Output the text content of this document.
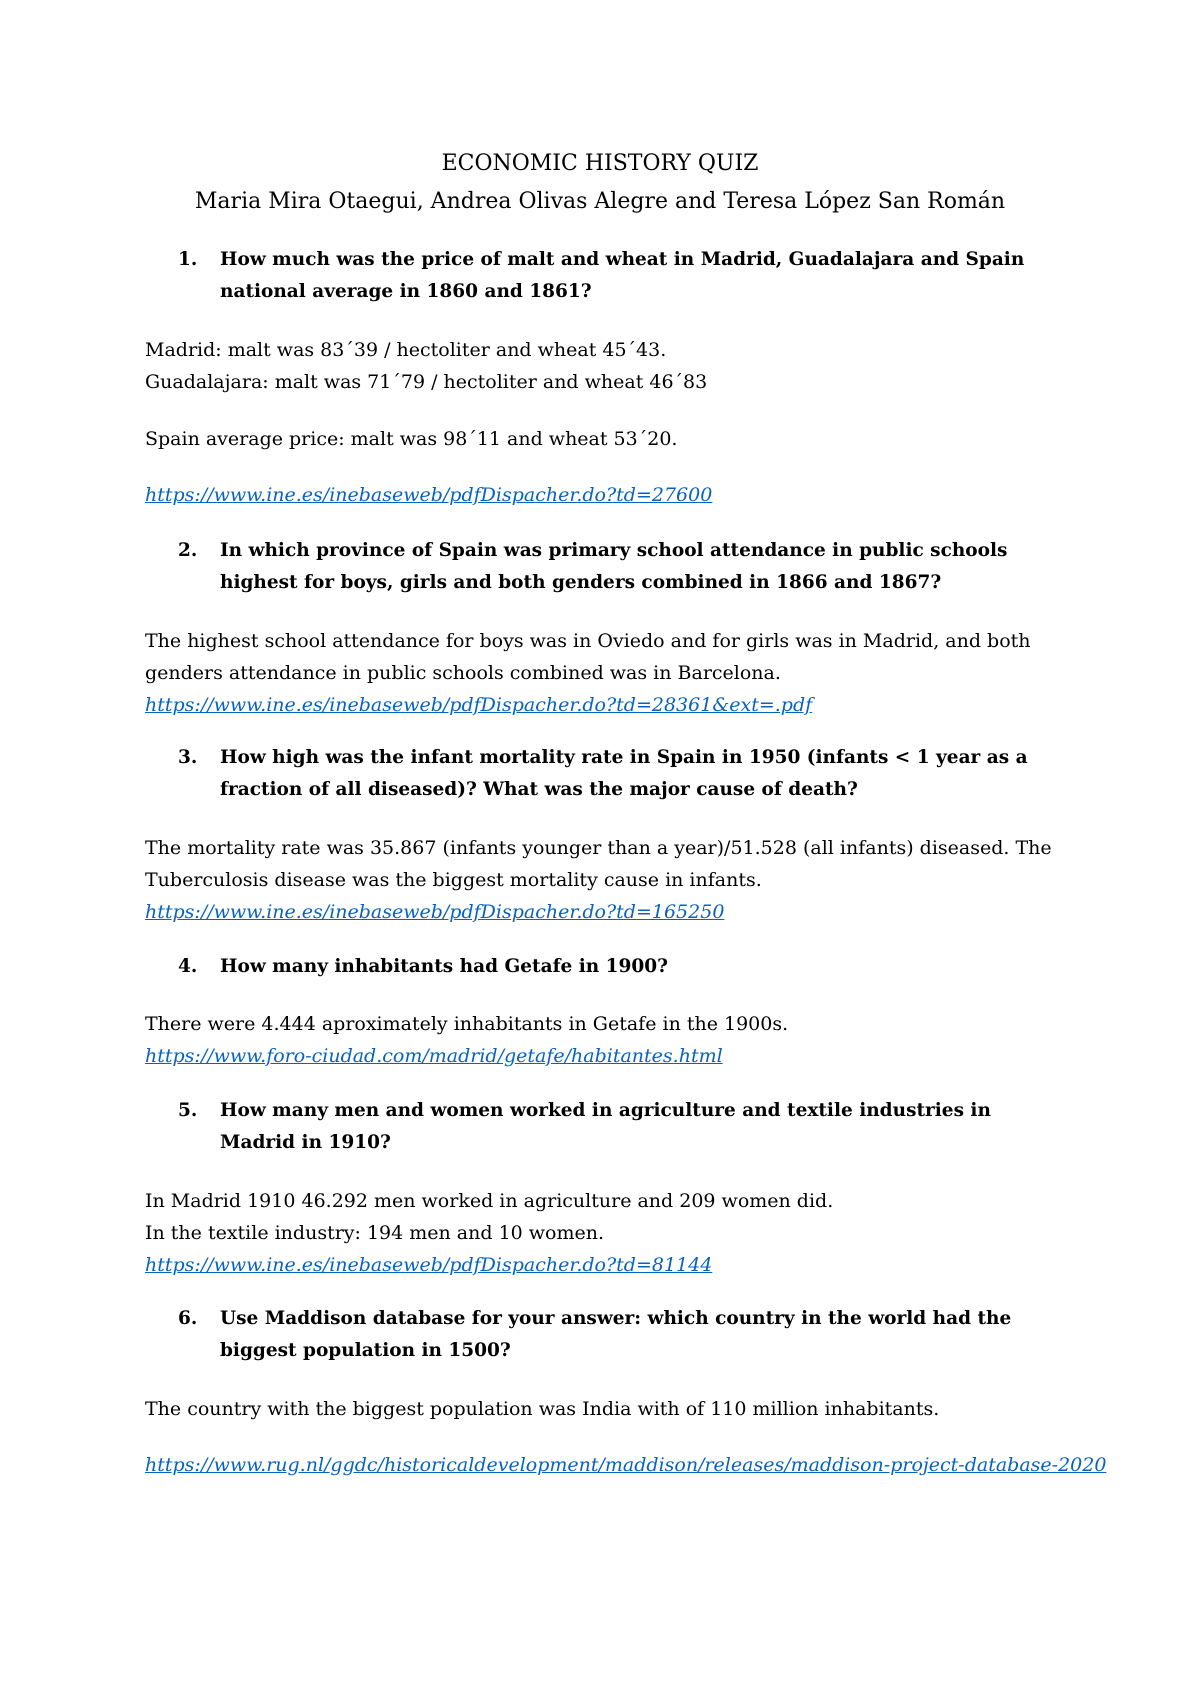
ECONOMIC HISTORY QUIZ
Maria Mira Otaegui, Andrea Olivas Alegre and Teresa López San Román
1. How much was the price of malt and wheat in Madrid, Guadalajara and Spain national average in 1860 and 1861?
Madrid: malt was 83´39 / hectoliter and wheat 45´43.
Guadalajara: malt was 71´79 / hectoliter and wheat 46´83
Spain average price: malt was 98´11 and wheat 53´20.
https://www.ine.es/inebaseweb/pdfDispacher.do?td=27600
2. In which province of Spain was primary school attendance in public schools highest for boys, girls and both genders combined in 1866 and 1867?
The highest school attendance for boys was in Oviedo and for girls was in Madrid, and both genders attendance in public schools combined was in Barcelona.
https://www.ine.es/inebaseweb/pdfDispacher.do?td=28361&ext=.pdf
3. How high was the infant mortality rate in Spain in 1950 (infants < 1 year as a fraction of all diseased)? What was the major cause of death?
The mortality rate was 35.867 (infants younger than a year)/51.528 (all infants) diseased. The Tuberculosis disease was the biggest mortality cause in infants.
https://www.ine.es/inebaseweb/pdfDispacher.do?td=165250
4. How many inhabitants had Getafe in 1900?
There were 4.444 aproximately inhabitants in Getafe in the 1900s.
https://www.foro-ciudad.com/madrid/getafe/habitantes.html
5. How many men and women worked in agriculture and textile industries in Madrid in 1910?
In Madrid 1910 46.292 men worked in agriculture and 209 women did.
In the textile industry: 194 men and 10 women.
https://www.ine.es/inebaseweb/pdfDispacher.do?td=81144
6. Use Maddison database for your answer: which country in the world had the biggest population in 1500?
The country with the biggest population was India with of 110 million inhabitants.
https://www.rug.nl/ggdc/historicaldevelopment/maddison/releases/maddison-project-database-2020
